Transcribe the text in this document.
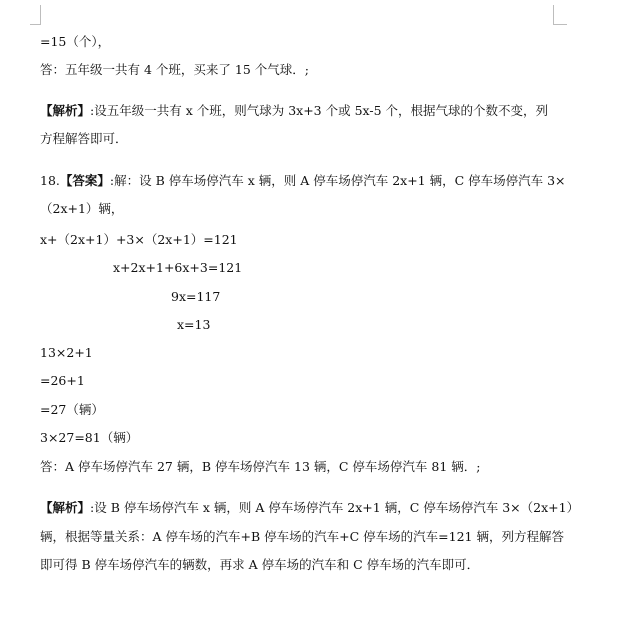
=15（个），
答：五年级一共有 4 个班，买来了 15 个气球．;
【解析】:设五年级一共有 x 个班，则气球为 3x+3 个或 5x-5 个，根据气球的个数不变，列
方程解答即可．
18.【答案】:解：设 B 停车场停汽车 x 辆，则 A 停车场停汽车 2x+1 辆，C 停车场停汽车 3×
（2x+1）辆，
x+（2x+1）+3×（2x+1）=121
x+2x+1+6x+3=121
9x=117
x=13
13×2+1
=26+1
=27（辆）
3×27=81（辆）
答：A 停车场停汽车 27 辆，B 停车场停汽车 13 辆，C 停车场停汽车 81 辆．;
【解析】:设 B 停车场停汽车 x 辆，则 A 停车场停汽车 2x+1 辆，C 停车场停汽车 3×（2x+1）
辆，根据等量关系：A 停车场的汽车+B 停车场的汽车+C 停车场的汽车=121 辆，列方程解答
即可得 B 停车场停汽车的辆数，再求 A 停车场的汽车和 C 停车场的汽车即可．
